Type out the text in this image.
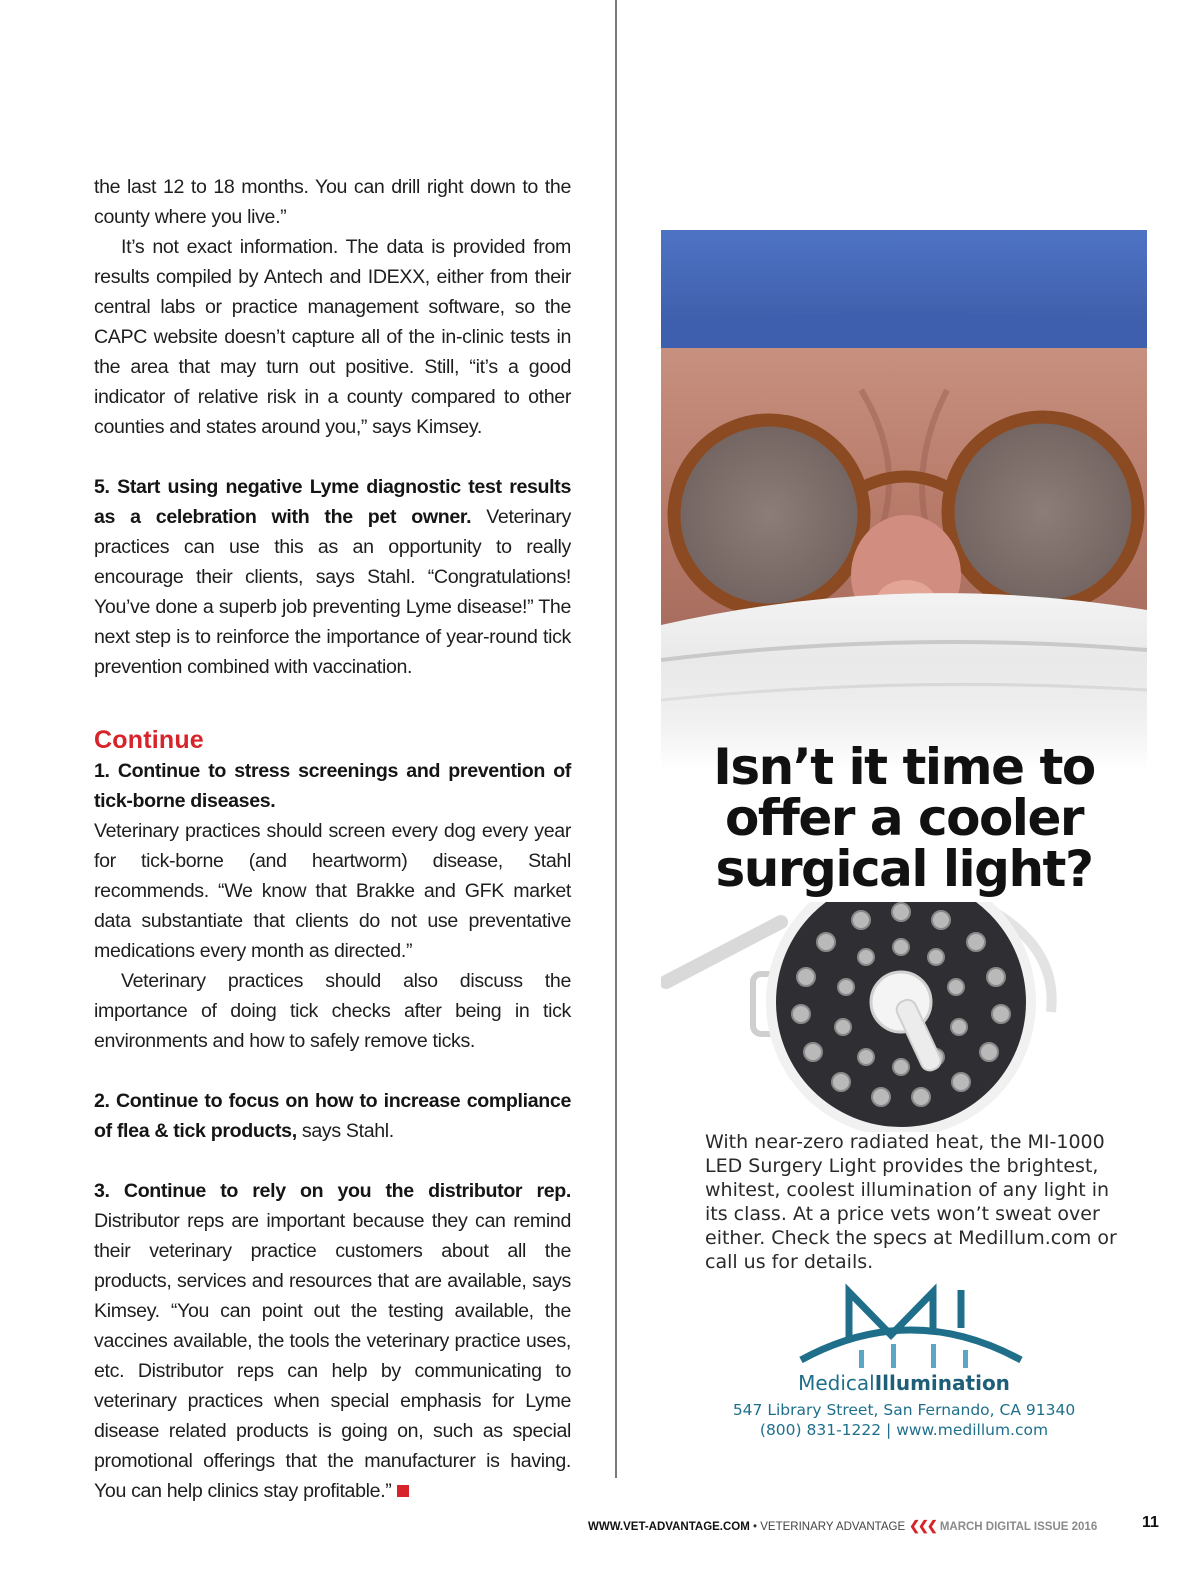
the last 12 to 18 months. You can drill right down to the county where you live.”

It’s not exact information. The data is provided from results compiled by Antech and IDEXX, either from their central labs or practice management software, so the CAPC website doesn’t capture all of the in-clinic tests in the area that may turn out positive. Still, “it’s a good indicator of relative risk in a county compared to other counties and states around you,” says Kimsey.

5. Start using negative Lyme diagnostic test results as a celebration with the pet owner. Veterinary practices can use this as an opportunity to really encourage their clients, says Stahl. “Congratulations! You’ve done a superb job preventing Lyme disease!” The next step is to reinforce the importance of year-round tick prevention combined with vaccination.

Continue

1. Continue to stress screenings and prevention of tick-borne diseases.

Veterinary practices should screen every dog every year for tick-borne (and heartworm) disease, Stahl recommends. “We know that Brakke and GFK market data substantiate that clients do not use preventative medications every month as directed.”

Veterinary practices should also discuss the importance of doing tick checks after being in tick environments and how to safely remove ticks.

2. Continue to focus on how to increase compliance of flea & tick products, says Stahl.

3. Continue to rely on you the distributor rep. Distributor reps are important because they can remind their veterinary practice customers about all the products, services and resources that are available, says Kimsey. “You can point out the testing available, the vaccines available, the tools the veterinary practice uses, etc. Distributor reps can help by communicating to veterinary practices when special emphasis for Lyme disease related products is going on, such as special promotional offerings that the manufacturer is having. You can help clinics stay profitable.”

Isn’t it time to
offer a cooler
surgical light?
With near-zero radiated heat, the MI-1000 LED Surgery Light provides the brightest, whitest, coolest illumination of any light in its class. At a price vets won’t sweat over either. Check the specs at Medillum.com or call us for details.
MedicalIllumination
547 Library Street, San Fernando, CA 91340
(800) 831-1222 | www.medillum.com
WWW.VET-ADVANTAGE.COM • VETERINARY ADVANTAGE ❮❮❮ MARCH DIGITAL ISSUE 2016	11
